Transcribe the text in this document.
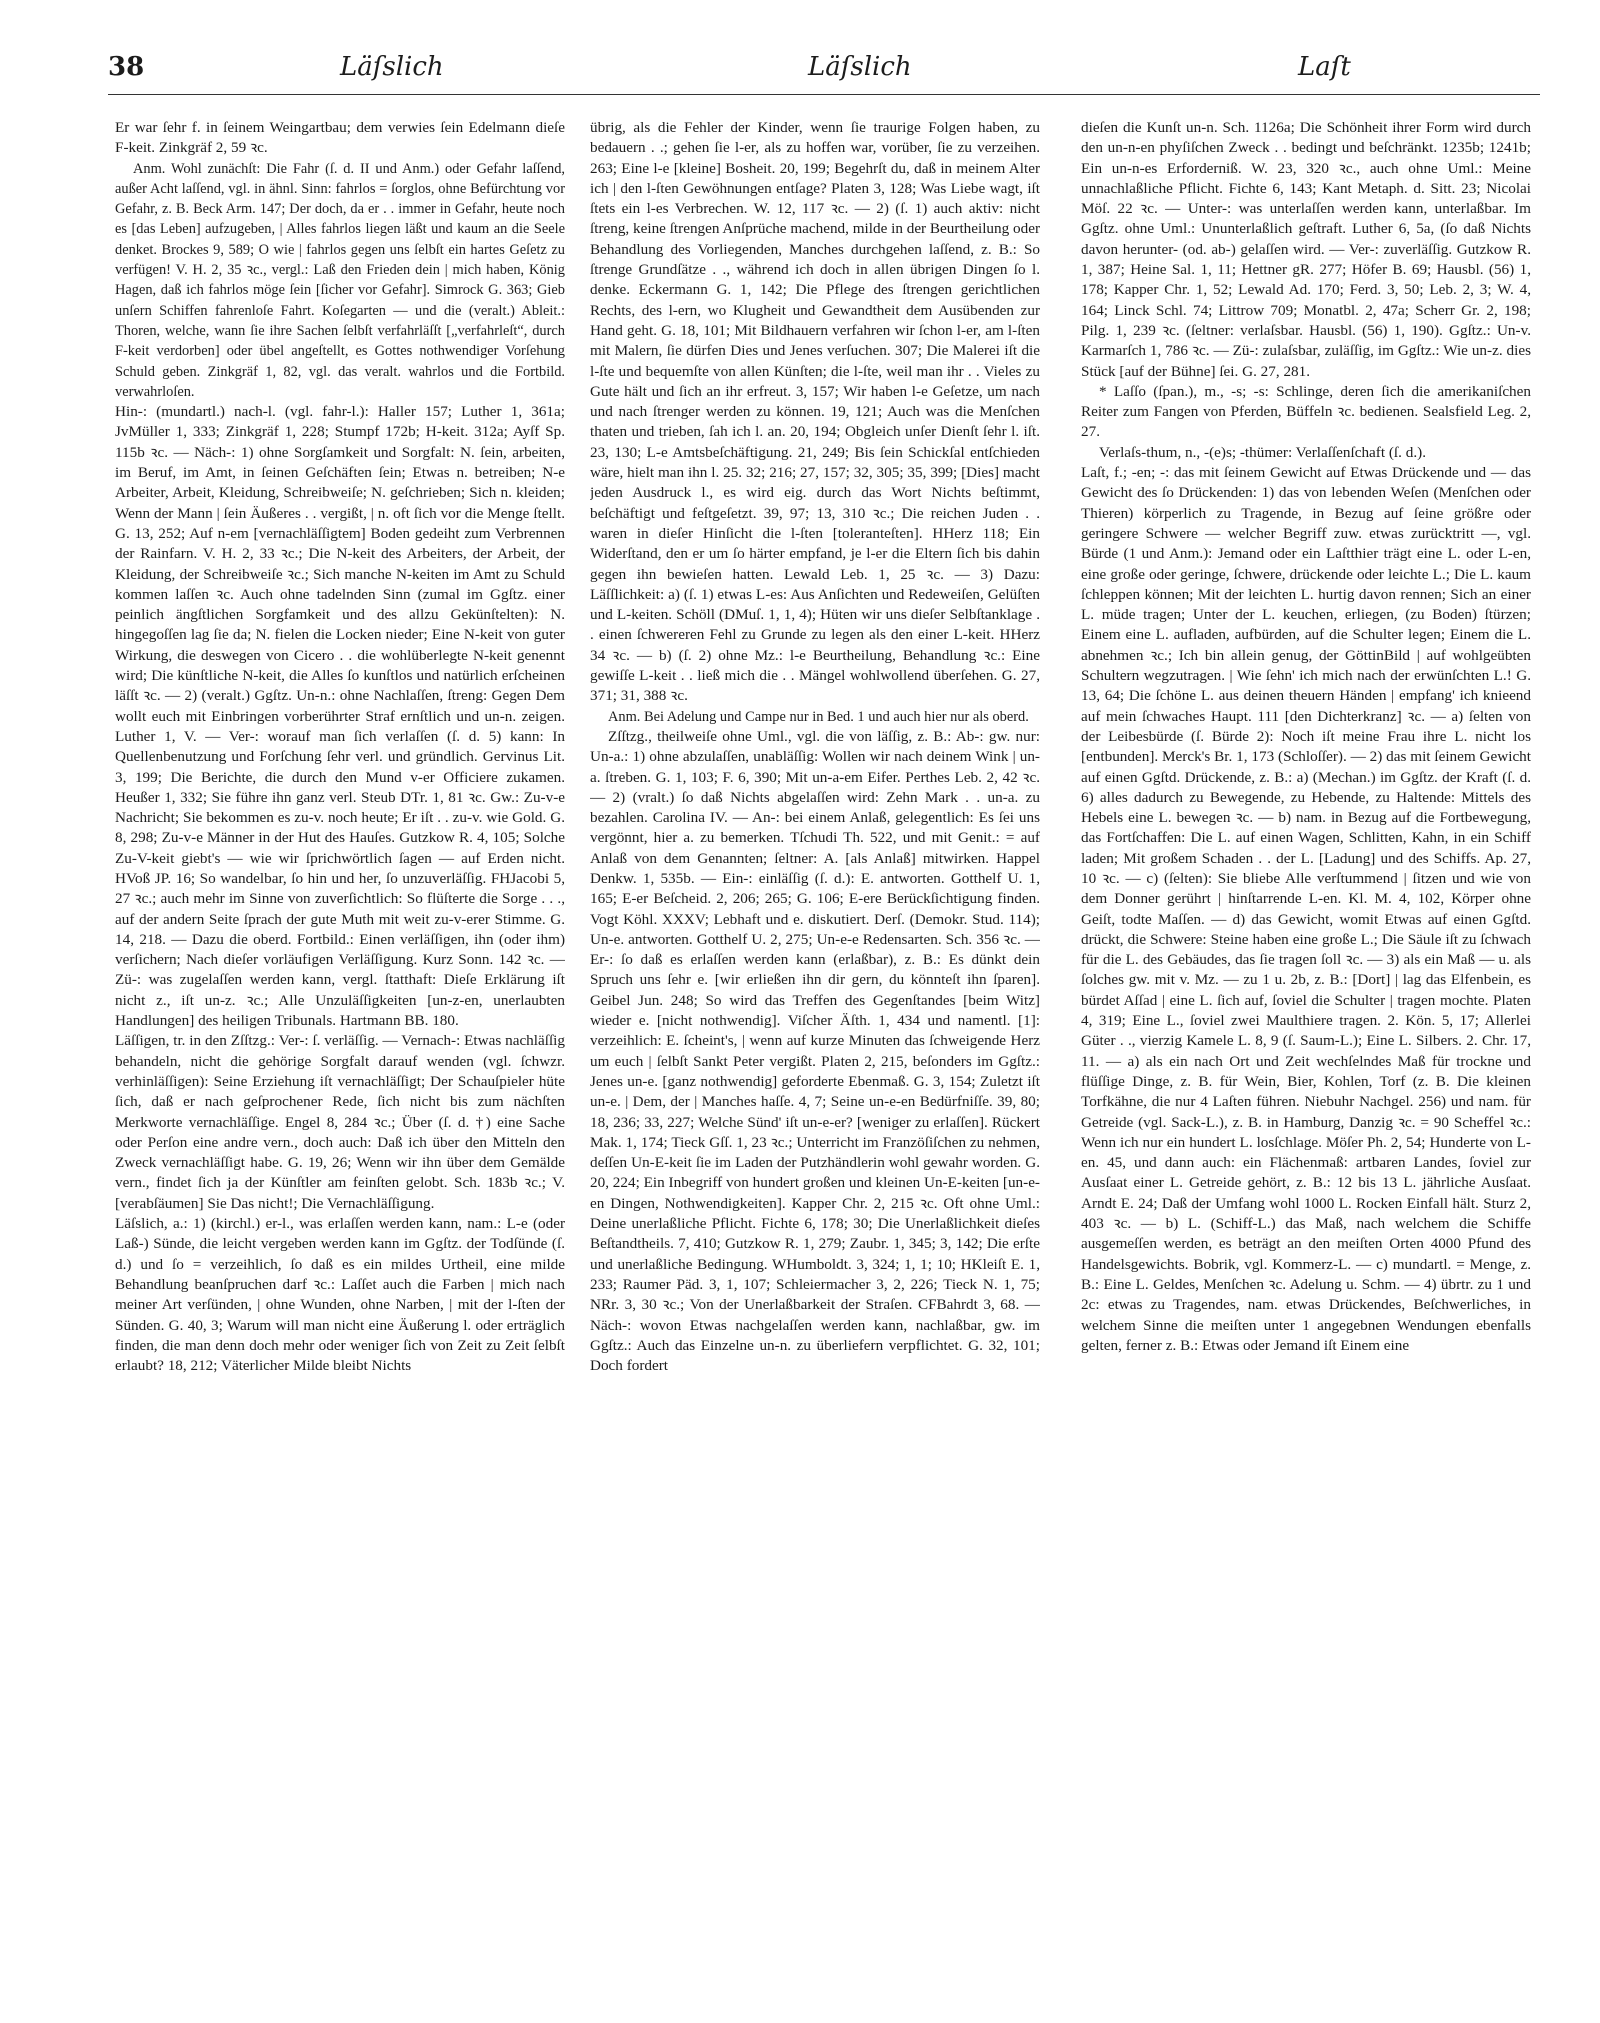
38	Läſslich	Läſslich	Laſt

Er war ſehr f. in ſeinem Weingartbau; dem verwies ſein Edelmann dieſe F-keit. Zinkgräf 2, 59 ꝛc.

Anm. Wohl zunächſt: Die Fahr (ſ. d. II und Anm.) oder Gefahr laſſend, außer Acht laſſend, vgl. in ähnl. Sinn: fahrlos = ſorglos, ohne Befürchtung vor Gefahr, z. B. Beck Arm. 147; Der doch, da er . . immer in Gefahr, heute noch es [das Leben] aufzugeben, | Alles fahrlos liegen läßt und kaum an die Seele denket. Brockes 9, 589; O wie | fahrlos gegen uns ſelbſt ein hartes Geſetz zu verfügen! V. H. 2, 35 ꝛc., vergl.: Laß den Frieden dein | mich haben, König Hagen, daß ich fahrlos möge ſein [ſicher vor Gefahr]. Simrock G. 363; Gieb unſern Schiffen fahrenloſe Fahrt. Koſegarten — und die (veralt.) Ableit.: Thoren, welche, wann ſie ihre Sachen ſelbſt verfahrläſſt [„verfahrleſt“, durch F-keit verdorben] oder übel angeſtellt, es Gottes nothwendiger Vorſehung Schuld geben. Zinkgräf 1, 82, vgl. das veralt. wahrlos und die Fortbild. verwahrloſen.

Hin-: (mundartl.) nach-l. (vgl. fahr-l.): Haller 157; Luther 1, 361a; JvMüller 1, 333; Zinkgräf 1, 228; Stumpf 172b; H-keit. 312a; Ayſf Sp. 115b ꝛc. — Näch-: 1) ohne Sorgſamkeit und Sorgfalt: N. ſein, arbeiten, im Beruf, im Amt, in ſeinen Geſchäften ſein; Etwas n. betreiben; N-e Arbeiter, Arbeit, Kleidung, Schreibweiſe; N. geſchrieben; Sich n. kleiden; Wenn der Mann | ſein Äußeres . . vergißt, | n. oft ſich vor die Menge ſtellt. G. 13, 252; Auf n-em [vernachläſſigtem] Boden gedeiht zum Verbrennen der Rainfarn. V. H. 2, 33 ꝛc.; Die N-keit des Arbeiters, der Arbeit, der Kleidung, der Schreibweiſe ꝛc.; Sich manche N-keiten im Amt zu Schuld kommen laſſen ꝛc. Auch ohne tadelnden Sinn (zumal im Ggſtz. einer peinlich ängſtlichen Sorgfamkeit und des allzu Gekünſtelten): N. hingegoſſen lag ſie da; N. fielen die Locken nieder; Eine N-keit von guter Wirkung, die deswegen von Cicero . . die wohlüberlegte N-keit genennt wird; Die künſtliche N-keit, die Alles ſo kunſtlos und natürlich erſcheinen läſſt ꝛc. — 2) (veralt.) Ggſtz. Un-n.: ohne Nachlaſſen, ſtreng: Gegen Dem wollt euch mit Einbringen vorberührter Straf ernſtlich und un-n. zeigen. Luther 1, V. — Ver-: worauf man ſich verlaſſen (ſ. d. 5) kann: In Quellenbenutzung und Forſchung ſehr verl. und gründlich. Gervinus Lit. 3, 199; Die Berichte, die durch den Mund v-er Officiere zukamen. Heußer 1, 332; Sie führe ihn ganz verl. Steub DTr. 1, 81 ꝛc. Gw.: Zu-v-e Nachricht; Sie bekommen es zu-v. noch heute; Er iſt . . zu-v. wie Gold. G. 8, 298; Zu-v-e Männer in der Hut des Hauſes. Gutzkow R. 4, 105; Solche Zu-V-keit giebt's — wie wir ſprichwörtlich ſagen — auf Erden nicht. HVoß JP. 16; So wandelbar, ſo hin und her, ſo unzuverläſſig. FHJacobi 5, 27 ꝛc.; auch mehr im Sinne von zuverſichtlich: So flüſterte die Sorge . . ., auf der andern Seite ſprach der gute Muth mit weit zu-v-erer Stimme. G. 14, 218. — Dazu die oberd. Fortbild.: Einen verläſſigen, ihn (oder ihm) verſichern; Nach dieſer vorläufigen Verläſſigung. Kurz Sonn. 142 ꝛc. — Zü-: was zugelaſſen werden kann, vergl. ſtatthaft: Dieſe Erklärung iſt nicht z., iſt un-z. ꝛc.; Alle Unzuläſſigkeiten [un-z-en, unerlaubten Handlungen] des heiligen Tribunals. Hartmann BB. 180.

Läſſigen, tr. in den Zſſtzg.: Ver-: ſ. verläſſig. — Vernach-: Etwas nachläſſig behandeln, nicht die gehörige Sorgfalt darauf wenden (vgl. ſchwzr. verhinläſſigen): Seine Erziehung iſt vernachläſſigt; Der Schauſpieler hüte ſich, daß er nach geſprochener Rede, ſich nicht bis zum nächſten Merkworte vernachläſſige. Engel 8, 284 ꝛc.; Über (ſ. d. †) eine Sache oder Perſon eine andre vern., doch auch: Daß ich über den Mitteln den Zweck vernachläſſigt habe. G. 19, 26; Wenn wir ihn über dem Gemälde vern., findet ſich ja der Künſtler am feinſten gelobt. Sch. 183b ꝛc.; V. [verabſäumen] Sie Das nicht!; Die Vernachläſſigung.

Läſslich, a.: 1) (kirchl.) er-l., was erlaſſen werden kann, nam.: L-e (oder Laß-) Sünde, die leicht vergeben werden kann im Ggſtz. der Todſünde (ſ. d.) und ſo = verzeihlich, ſo daß es ein mildes Urtheil, eine milde Behandlung beanſpruchen darf ꝛc.: Laſſet auch die Farben | mich nach meiner Art verſünden, | ohne Wunden, ohne Narben, | mit der l-ſten der Sünden. G. 40, 3; Warum will man nicht eine Äußerung l. oder erträglich finden, die man denn doch mehr oder weniger ſich von Zeit zu Zeit ſelbſt erlaubt? 18, 212; Väterlicher Milde bleibt Nichts

übrig, als die Fehler der Kinder, wenn ſie traurige Folgen haben, zu bedauern . .; gehen ſie l-er, als zu hoffen war, vorüber, ſie zu verzeihen. 263; Eine l-e [kleine] Bosheit. 20, 199; Begehrſt du, daß in meinem Alter ich | den l-ſten Gewöhnungen entſage? Platen 3, 128; Was Liebe wagt, iſt ſtets ein l-es Verbrechen. W. 12, 117 ꝛc. — 2) (ſ. 1) auch aktiv: nicht ſtreng, keine ſtrengen Anſprüche machend, milde in der Beurtheilung oder Behandlung des Vorliegenden, Manches durchgehen laſſend, z. B.: So ſtrenge Grundſätze . ., während ich doch in allen übrigen Dingen ſo l. denke. Eckermann G. 1, 142; Die Pflege des ſtrengen gerichtlichen Rechts, des l-ern, wo Klugheit und Gewandtheit dem Ausübenden zur Hand geht. G. 18, 101; Mit Bildhauern verfahren wir ſchon l-er, am l-ſten mit Malern, ſie dürfen Dies und Jenes verſuchen. 307; Die Malerei iſt die l-ſte und bequemſte von allen Künſten; die l-ſte, weil man ihr . . Vieles zu Gute hält und ſich an ihr erfreut. 3, 157; Wir haben l-e Geſetze, um nach und nach ſtrenger werden zu können. 19, 121; Auch was die Menſchen thaten und trieben, ſah ich l. an. 20, 194; Obgleich unſer Dienſt ſehr l. iſt. 23, 130; L-e Amtsbeſchäftigung. 21, 249; Bis ſein Schickſal entſchieden wäre, hielt man ihn l. 25. 32; 216; 27, 157; 32, 305; 35, 399; [Dies] macht jeden Ausdruck l., es wird eig. durch das Wort Nichts beſtimmt, beſchäftigt und feſtgeſetzt. 39, 97; 13, 310 ꝛc.; Die reichen Juden . . waren in dieſer Hinſicht die l-ſten [toleranteſten]. HHerz 118; Ein Widerſtand, den er um ſo härter empfand, je l-er die Eltern ſich bis dahin gegen ihn bewieſen hatten. Lewald Leb. 1, 25 ꝛc. — 3) Dazu: Läſſlichkeit: a) (ſ. 1) etwas L-es: Aus Anſichten und Redeweiſen, Gelüſten und L-keiten. Schöll (DMuſ. 1, 1, 4); Hüten wir uns dieſer Selbſtanklage . . einen ſchwereren Fehl zu Grunde zu legen als den einer L-keit. HHerz 34 ꝛc. — b) (ſ. 2) ohne Mz.: l-e Beurtheilung, Behandlung ꝛc.: Eine gewiſſe L-keit . . ließ mich die . . Mängel wohlwollend überſehen. G. 27, 371; 31, 388 ꝛc.

Anm. Bei Adelung und Campe nur in Bed. 1 und auch hier nur als oberd.

Zſſtzg., theilweiſe ohne Uml., vgl. die von läſſig, z. B.: Ab-: gw. nur: Un-a.: 1) ohne abzulaſſen, unabläſſig: Wollen wir nach deinem Wink | un-a. ſtreben. G. 1, 103; F. 6, 390; Mit un-a-em Eifer. Perthes Leb. 2, 42 ꝛc. — 2) (vralt.) ſo daß Nichts abgelaſſen wird: Zehn Mark . . un-a. zu bezahlen. Carolina IV. — An-: bei einem Anlaß, gelegentlich: Es ſei uns vergönnt, hier a. zu bemerken. Tſchudi Th. 522, und mit Genit.: = auf Anlaß von dem Genannten; ſeltner: A. [als Anlaß] mitwirken. Happel Denkw. 1, 535b. — Ein-: einläſſig (ſ. d.): E. antworten. Gotthelf U. 1, 165; E-er Beſcheid. 2, 206; 265; G. 106; E-ere Berückſichtigung finden. Vogt Köhl. XXXV; Lebhaft und e. diskutiert. Derſ. (Demokr. Stud. 114); Un-e. antworten. Gotthelf U. 2, 275; Un-e-e Redensarten. Sch. 356 ꝛc. — Er-: ſo daß es erlaſſen werden kann (erlaßbar), z. B.: Es dünkt dein Spruch uns ſehr e. [wir erließen ihn dir gern, du könnteſt ihn ſparen]. Geibel Jun. 248; So wird das Treffen des Gegenſtandes [beim Witz] wieder e. [nicht nothwendig]. Viſcher Äſth. 1, 434 und namentl. [1]: verzeihlich: E. ſcheint's, | wenn auf kurze Minuten das ſchweigende Herz um euch | ſelbſt Sankt Peter vergißt. Platen 2, 215, beſonders im Ggſtz.: Jenes un-e. [ganz nothwendig] geforderte Ebenmaß. G. 3, 154; Zuletzt iſt un-e. | Dem, der | Manches haſſe. 4, 7; Seine un-e-en Bedürfniſſe. 39, 80; 18, 236; 33, 227; Welche Sünd' iſt un-e-er? [weniger zu erlaſſen]. Rückert Mak. 1, 174; Tieck Gſſ. 1, 23 ꝛc.; Unterricht im Franzöſiſchen zu nehmen, deſſen Un-E-keit ſie im Laden der Putzhändlerin wohl gewahr worden. G. 20, 224; Ein Inbegriff von hundert großen und kleinen Un-E-keiten [un-e-en Dingen, Nothwendigkeiten]. Kapper Chr. 2, 215 ꝛc. Oft ohne Uml.: Deine unerlaßliche Pflicht. Fichte 6, 178; 30; Die Unerlaßlichkeit dieſes Beſtandtheils. 7, 410; Gutzkow R. 1, 279; Zaubr. 1, 345; 3, 142; Die erſte und unerlaßliche Bedingung. WHumboldt. 3, 324; 1, 1; 10; HKleiſt E. 1, 233; Raumer Päd. 3, 1, 107; Schleiermacher 3, 2, 226; Tieck N. 1, 75; NRr. 3, 30 ꝛc.; Von der Unerlaßbarkeit der Straſen. CFBahrdt 3, 68. — Näch-: wovon Etwas nachgelaſſen werden kann, nachlaßbar, gw. im Ggſtz.: Auch das Einzelne un-n. zu überliefern verpflichtet. G. 32, 101; Doch fordert

dieſen die Kunſt un-n. Sch. 1126a; Die Schönheit ihrer Form wird durch den un-n-en phyſiſchen Zweck . . bedingt und beſchränkt. 1235b; 1241b; Ein un-n-es Erforderniß. W. 23, 320 ꝛc., auch ohne Uml.: Meine unnachlaßliche Pflicht. Fichte 6, 143; Kant Metaph. d. Sitt. 23; Nicolai Möſ. 22 ꝛc. — Unter-: was unterlaſſen werden kann, unterlaßbar. Im Ggſtz. ohne Uml.: Ununterlaßlich geſtraft. Luther 6, 5a, (ſo daß Nichts davon herunter- (od. ab-) gelaſſen wird. — Ver-: zuverläſſig. Gutzkow R. 1, 387; Heine Sal. 1, 11; Hettner gR. 277; Höfer B. 69; Hausbl. (56) 1, 178; Kapper Chr. 1, 52; Lewald Ad. 170; Ferd. 3, 50; Leb. 2, 3; W. 4, 164; Linck Schl. 74; Littrow 709; Monatbl. 2, 47a; Scherr Gr. 2, 198; Pilg. 1, 239 ꝛc. (ſeltner: verlaſsbar. Hausbl. (56) 1, 190). Ggſtz.: Un-v. Karmarſch 1, 786 ꝛc. — Zü-: zulaſsbar, zuläſſig, im Ggſtz.: Wie un-z. dies Stück [auf der Bühne] ſei. G. 27, 281.

* Laſſo (ſpan.), m., -s; -s: Schlinge, deren ſich die amerikaniſchen Reiter zum Fangen von Pferden, Büffeln ꝛc. bedienen. Sealsfield Leg. 2, 27.

Verlaſs-thum, n., -(e)s; -thümer: Verlaſſenſchaft (ſ. d.).

Laſt, f.; -en; -: das mit ſeinem Gewicht auf Etwas Drückende und — das Gewicht des ſo Drückenden: 1) das von lebenden Weſen (Menſchen oder Thieren) körperlich zu Tragende, in Bezug auf ſeine größre oder geringere Schwere — welcher Begriff zuw. etwas zurücktritt —, vgl. Bürde (1 und Anm.): Jemand oder ein Laſtthier trägt eine L. oder L-en, eine große oder geringe, ſchwere, drückende oder leichte L.; Die L. kaum ſchleppen können; Mit der leichten L. hurtig davon rennen; Sich an einer L. müde tragen; Unter der L. keuchen, erliegen, (zu Boden) ſtürzen; Einem eine L. aufladen, aufbürden, auf die Schulter legen; Einem die L. abnehmen ꝛc.; Ich bin allein genug, der GöttinBild | auf wohlgeübten Schultern wegzutragen. | Wie ſehn' ich mich nach der erwünſchten L.! G. 13, 64; Die ſchöne L. aus deinen theuern Händen | empfang' ich knieend auf mein ſchwaches Haupt. 111 [den Dichterkranz] ꝛc. — a) ſelten von der Leibesbürde (ſ. Bürde 2): Noch iſt meine Frau ihre L. nicht los [entbunden]. Merck's Br. 1, 173 (Schloſſer). — 2) das mit ſeinem Gewicht auf einen Ggſtd. Drückende, z. B.: a) (Mechan.) im Ggſtz. der Kraft (ſ. d. 6) alles dadurch zu Bewegende, zu Hebende, zu Haltende: Mittels des Hebels eine L. bewegen ꝛc. — b) nam. in Bezug auf die Fortbewegung, das Fortſchaffen: Die L. auf einen Wagen, Schlitten, Kahn, in ein Schiff laden; Mit großem Schaden . . der L. [Ladung] und des Schiffs. Ap. 27, 10 ꝛc. — c) (ſelten): Sie bliebe Alle verſtummend | ſitzen und wie von dem Donner gerührt | hinſtarrende L-en. Kl. M. 4, 102, Körper ohne Geiſt, todte Maſſen. — d) das Gewicht, womit Etwas auf einen Ggſtd. drückt, die Schwere: Steine haben eine große L.; Die Säule iſt zu ſchwach für die L. des Gebäudes, das ſie tragen ſoll ꝛc. — 3) als ein Maß — u. als ſolches gw. mit v. Mz. — zu 1 u. 2b, z. B.: [Dort] | lag das Elfenbein, es bürdet Aſſad | eine L. ſich auf, ſoviel die Schulter | tragen mochte. Platen 4, 319; Eine L., ſoviel zwei Maulthiere tragen. 2. Kön. 5, 17; Allerlei Güter . ., vierzig Kamele L. 8, 9 (ſ. Saum-L.); Eine L. Silbers. 2. Chr. 17, 11. — a) als ein nach Ort und Zeit wechſelndes Maß für trockne und flüſſige Dinge, z. B. für Wein, Bier, Kohlen, Torf (z. B. Die kleinen Torfkähne, die nur 4 Laſten führen. Niebuhr Nachgel. 256) und nam. für Getreide (vgl. Sack-L.), z. B. in Hamburg, Danzig ꝛc. = 90 Scheffel ꝛc.: Wenn ich nur ein hundert L. losſchlage. Möſer Ph. 2, 54; Hunderte von L-en. 45, und dann auch: ein Flächenmaß: artbaren Landes, ſoviel zur Ausſaat einer L. Getreide gehört, z. B.: 12 bis 13 L. jährliche Ausſaat. Arndt E. 24; Daß der Umfang wohl 1000 L. Rocken Einfall hält. Sturz 2, 403 ꝛc. — b) L. (Schiff-L.) das Maß, nach welchem die Schiffe ausgemeſſen werden, es beträgt an den meiſten Orten 4000 Pfund des Handelsgewichts. Bobrik, vgl. Kommerz-L. — c) mundartl. = Menge, z. B.: Eine L. Geldes, Menſchen ꝛc. Adelung u. Schm. — 4) übrtr. zu 1 und 2c: etwas zu Tragendes, nam. etwas Drückendes, Beſchwerliches, in welchem Sinne die meiſten unter 1 angegebnen Wendungen ebenfalls gelten, ferner z. B.: Etwas oder Jemand iſt Einem eine
